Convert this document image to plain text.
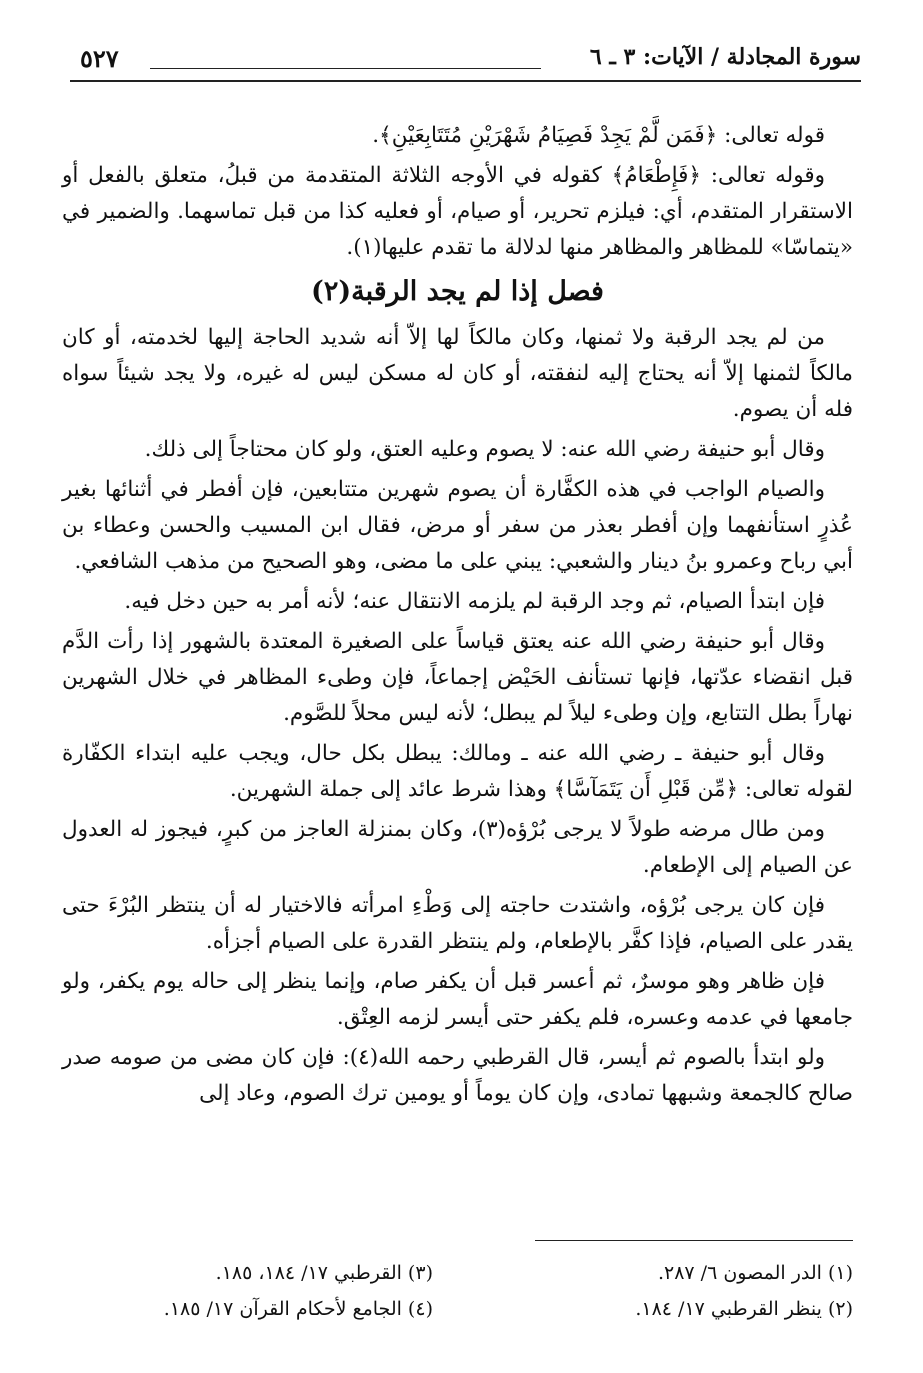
٥٢٧	سورة المجادلة / الآيات: ٣ ـ ٦

قوله تعالى: ﴿فَمَن لَّمْ يَجِدْ فَصِيَامُ شَهْرَيْنِ مُتَتَابِعَيْنِ﴾.

وقوله تعالى: ﴿فَإِطْعَامُ﴾ كقوله في الأوجه الثلاثة المتقدمة من قبلُ، متعلق بالفعل أو الاستقرار المتقدم، أي: فيلزم تحرير، أو صيام، أو فعليه كذا من قبل تماسهما. والضمير في «يتماسّا» للمظاهر والمظاهر منها لدلالة ما تقدم عليها(١).

فصل إذا لم يجد الرقبة(٢)

من لم يجد الرقبة ولا ثمنها، وكان مالكاً لها إلاّ أنه شديد الحاجة إليها لخدمته، أو كان مالكاً لثمنها إلاّ أنه يحتاج إليه لنفقته، أو كان له مسكن ليس له غيره، ولا يجد شيئاً سواه فله أن يصوم.

وقال أبو حنيفة رضي الله عنه: لا يصوم وعليه العتق، ولو كان محتاجاً إلى ذلك.

والصيام الواجب في هذه الكفَّارة أن يصوم شهرين متتابعين، فإن أفطر في أثنائها بغير عُذرٍ استأنفهما وإن أفطر بعذر من سفر أو مرض، فقال ابن المسيب والحسن وعطاء بن أبي رباح وعمرو بنُ دينار والشعبي: يبني على ما مضى، وهو الصحيح من مذهب الشافعي.

فإن ابتدأ الصيام، ثم وجد الرقبة لم يلزمه الانتقال عنه؛ لأنه أمر به حين دخل فيه.

وقال أبو حنيفة رضي الله عنه يعتق قياساً على الصغيرة المعتدة بالشهور إذا رأت الدَّم قبل انقضاء عدّتها، فإنها تستأنف الحَيْض إجماعاً، فإن وطىء المظاهر في خلال الشهرين نهاراً بطل التتابع، وإن وطىء ليلاً لم يبطل؛ لأنه ليس محلاً للصَّوم.

وقال أبو حنيفة ـ رضي الله عنه ـ ومالك: يبطل بكل حال، ويجب عليه ابتداء الكفّارة لقوله تعالى: ﴿مِّن قَبْلِ أَن يَتَمَآسَّا﴾ وهذا شرط عائد إلى جملة الشهرين.

ومن طال مرضه طولاً لا يرجى بُرْؤه(٣)، وكان بمنزلة العاجز من كبرٍ، فيجوز له العدول عن الصيام إلى الإطعام.

فإن كان يرجى بُرْؤه، واشتدت حاجته إلى وَطْءِ امرأته فالاختيار له أن ينتظر البُرْءَ حتى يقدر على الصيام، فإذا كفَّر بالإطعام، ولم ينتظر القدرة على الصيام أجزأه.

فإن ظاهر وهو موسرٌ، ثم أعسر قبل أن يكفر صام، وإنما ينظر إلى حاله يوم يكفر، ولو جامعها في عدمه وعسره، فلم يكفر حتى أيسر لزمه العِتْق.

ولو ابتدأ بالصوم ثم أيسر، قال القرطبي رحمه الله(٤): فإن كان مضى من صومه صدر صالح كالجمعة وشبهها تمادى، وإن كان يوماً أو يومين ترك الصوم، وعاد إلى

(١) الدر المصون ٦/ ٢٨٧.
(٢) ينظر القرطبي ١٧/ ١٨٤.
(٣) القرطبي ١٧/ ١٨٤، ١٨٥.
(٤) الجامع لأحكام القرآن ١٧/ ١٨٥.
